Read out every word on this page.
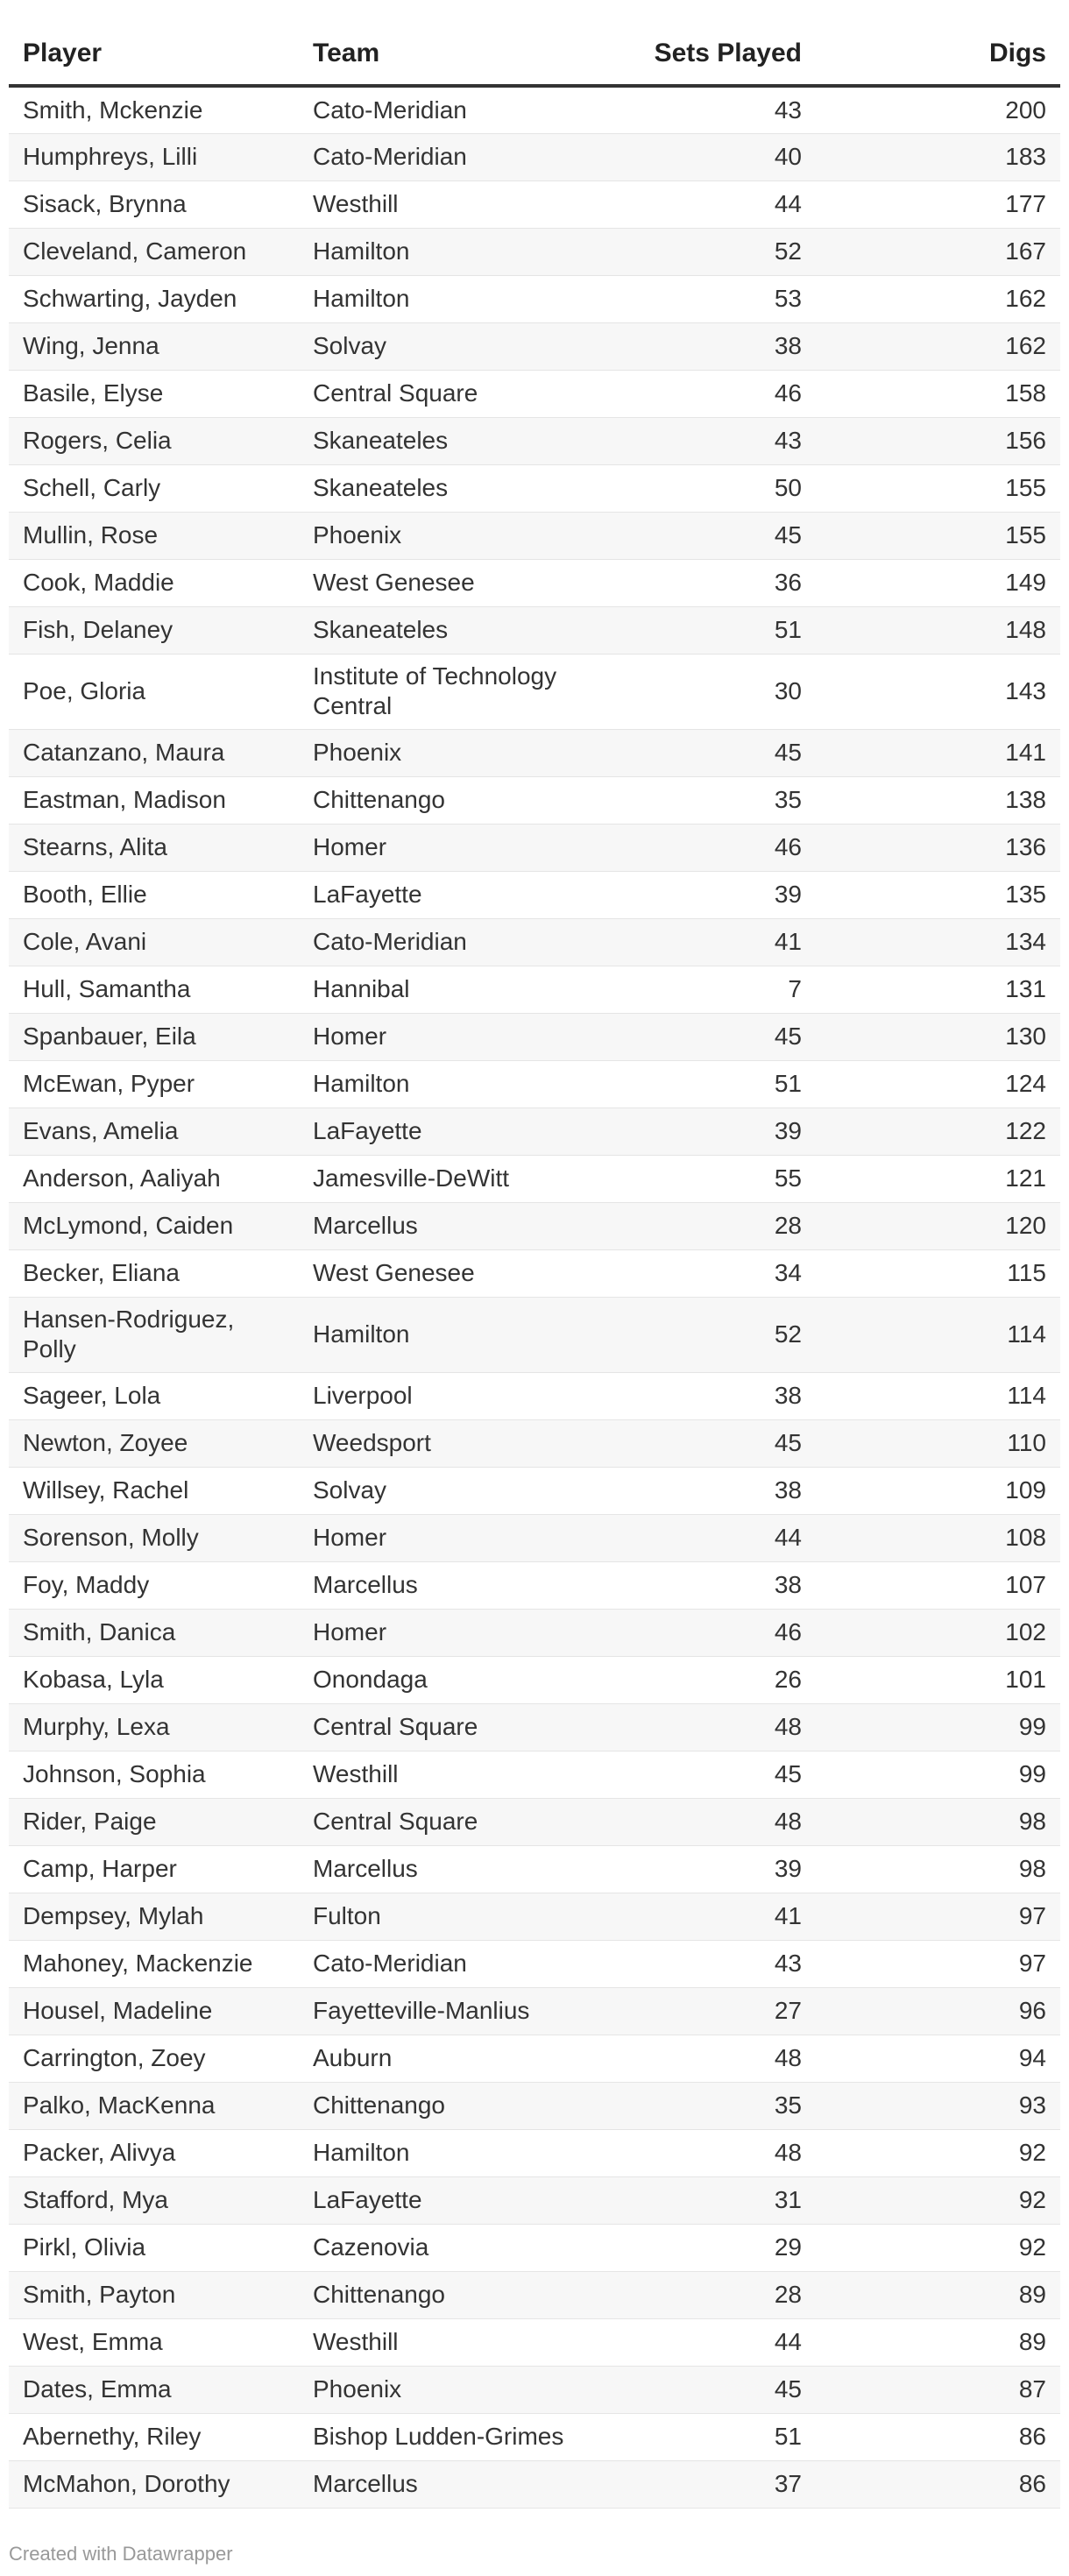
Player	Team	Sets Played	Digs
Smith, Mckenzie	Cato-Meridian	43	200
Humphreys, Lilli	Cato-Meridian	40	183
Sisack, Brynna	Westhill	44	177
Cleveland, Cameron	Hamilton	52	167
Schwarting, Jayden	Hamilton	53	162
Wing, Jenna	Solvay	38	162
Basile, Elyse	Central Square	46	158
Rogers, Celia	Skaneateles	43	156
Schell, Carly	Skaneateles	50	155
Mullin, Rose	Phoenix	45	155
Cook, Maddie	West Genesee	36	149
Fish, Delaney	Skaneateles	51	148
Poe, Gloria	Institute of Technology Central	30	143
Catanzano, Maura	Phoenix	45	141
Eastman, Madison	Chittenango	35	138
Stearns, Alita	Homer	46	136
Booth, Ellie	LaFayette	39	135
Cole, Avani	Cato-Meridian	41	134
Hull, Samantha	Hannibal	7	131
Spanbauer, Eila	Homer	45	130
McEwan, Pyper	Hamilton	51	124
Evans, Amelia	LaFayette	39	122
Anderson, Aaliyah	Jamesville-DeWitt	55	121
McLymond, Caiden	Marcellus	28	120
Becker, Eliana	West Genesee	34	115
Hansen-Rodriguez, Polly	Hamilton	52	114
Sageer, Lola	Liverpool	38	114
Newton, Zoyee	Weedsport	45	110
Willsey, Rachel	Solvay	38	109
Sorenson, Molly	Homer	44	108
Foy, Maddy	Marcellus	38	107
Smith, Danica	Homer	46	102
Kobasa, Lyla	Onondaga	26	101
Murphy, Lexa	Central Square	48	99
Johnson, Sophia	Westhill	45	99
Rider, Paige	Central Square	48	98
Camp, Harper	Marcellus	39	98
Dempsey, Mylah	Fulton	41	97
Mahoney, Mackenzie	Cato-Meridian	43	97
Housel, Madeline	Fayetteville-Manlius	27	96
Carrington, Zoey	Auburn	48	94
Palko, MacKenna	Chittenango	35	93
Packer, Alivya	Hamilton	48	92
Stafford, Mya	LaFayette	31	92
Pirkl, Olivia	Cazenovia	29	92
Smith, Payton	Chittenango	28	89
West, Emma	Westhill	44	89
Dates, Emma	Phoenix	45	87
Abernethy, Riley	Bishop Ludden-Grimes	51	86
McMahon, Dorothy	Marcellus	37	86
Created with Datawrapper
